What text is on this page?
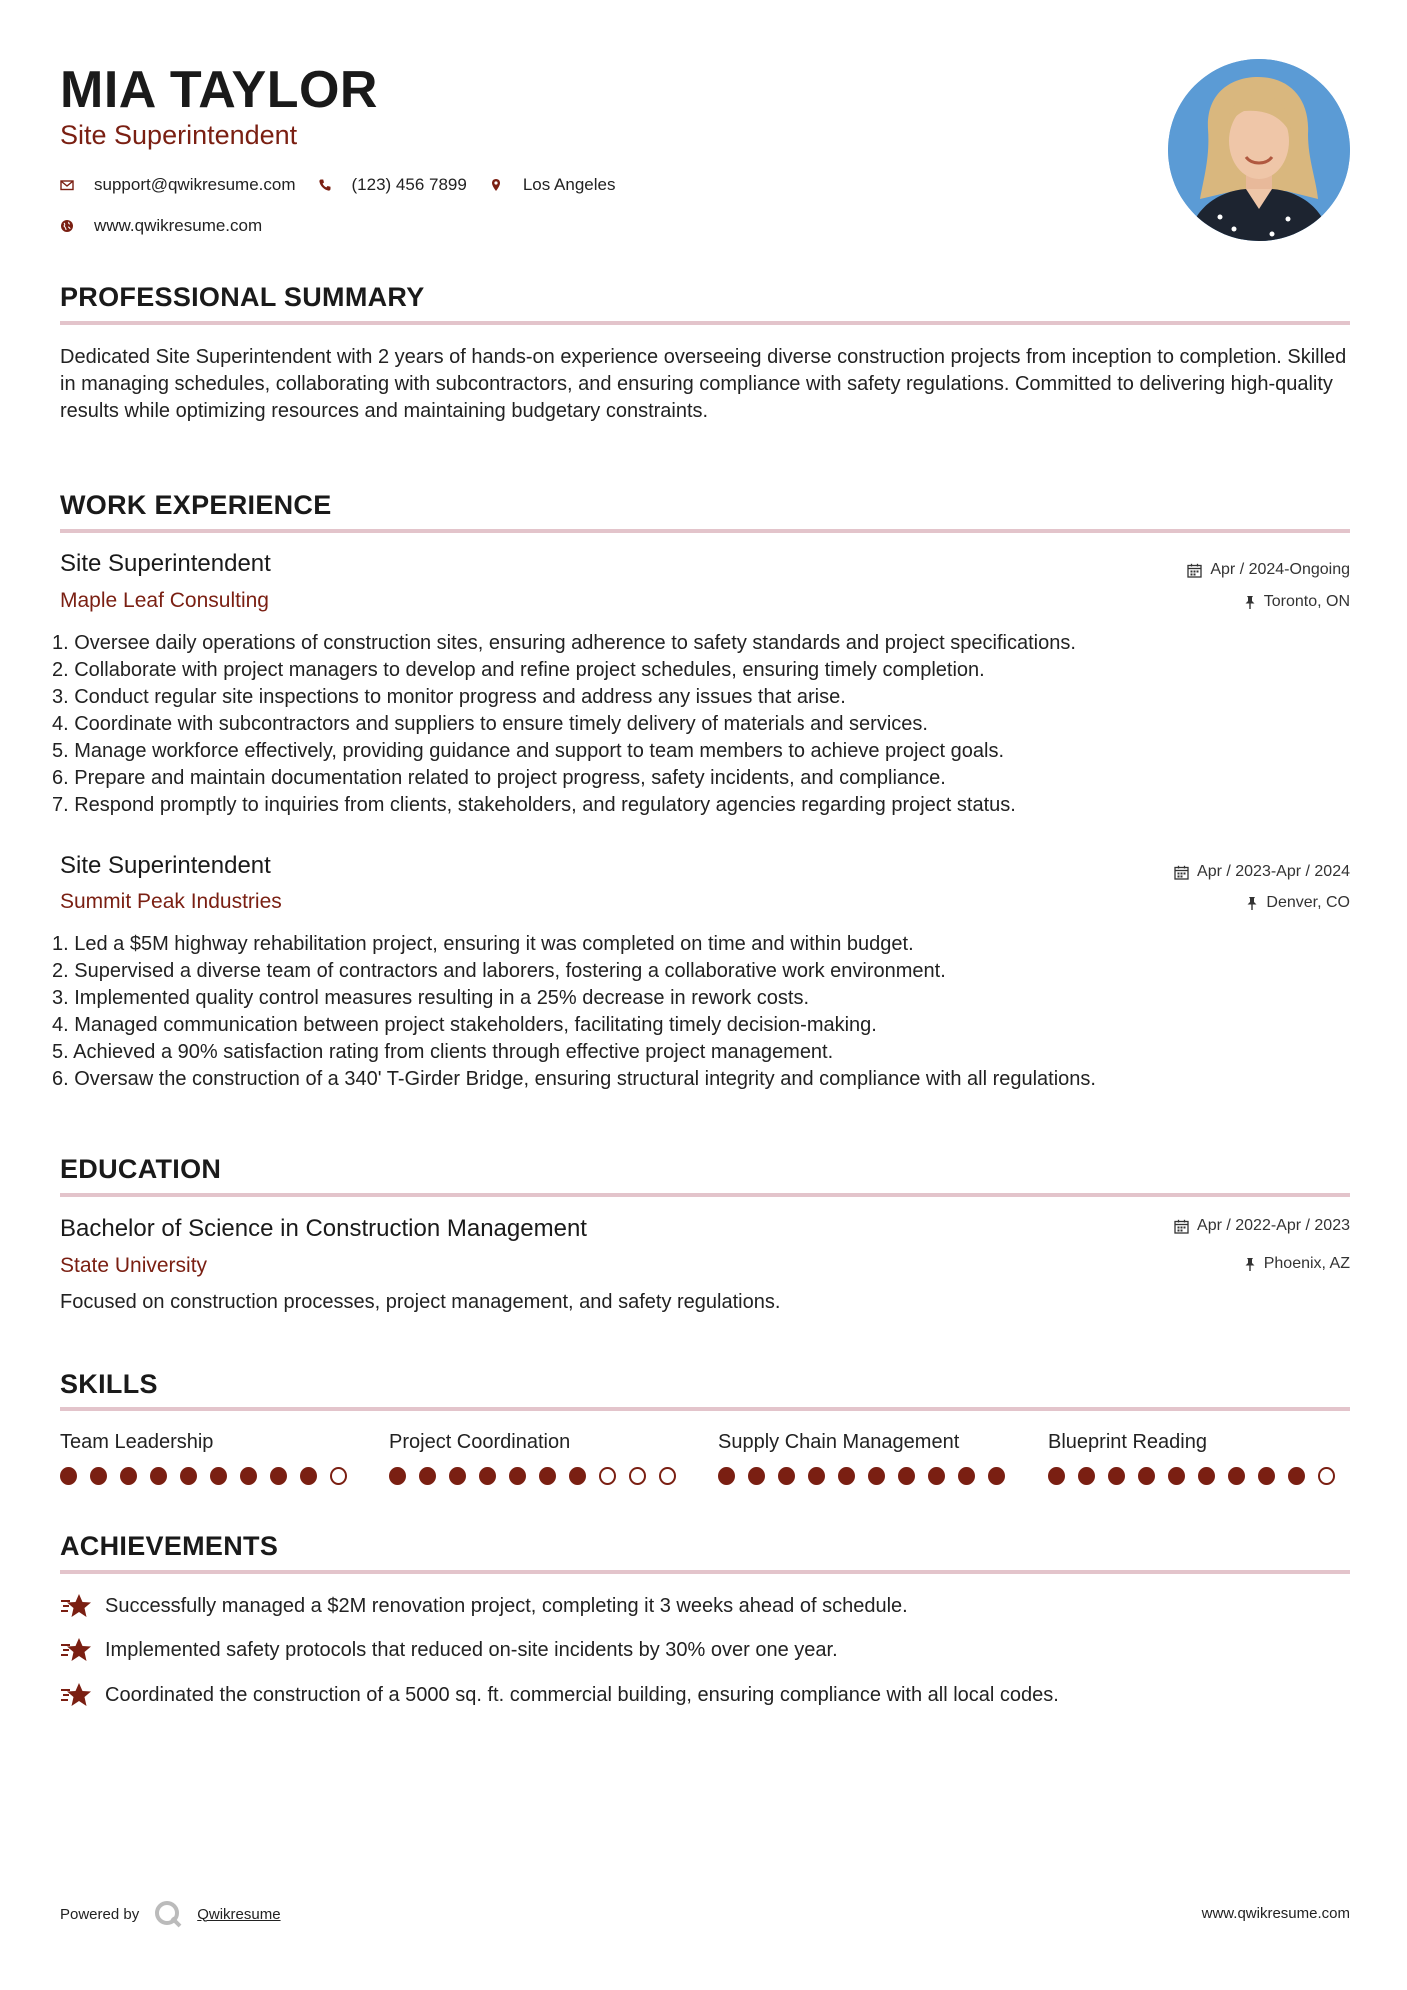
MIA TAYLOR
Site Superintendent
support@qwikresume.com	(123) 456 7899	Los Angeles
www.qwikresume.com
PROFESSIONAL SUMMARY
Dedicated Site Superintendent with 2 years of hands-on experience overseeing diverse construction projects from inception to completion. Skilled in managing schedules, collaborating with subcontractors, and ensuring compliance with safety regulations. Committed to delivering high-quality results while optimizing resources and maintaining budgetary constraints.
WORK EXPERIENCE
Site Superintendent
Maple Leaf Consulting
Apr / 2024-Ongoing
Toronto, ON
1. Oversee daily operations of construction sites, ensuring adherence to safety standards and project specifications.
2. Collaborate with project managers to develop and refine project schedules, ensuring timely completion.
3. Conduct regular site inspections to monitor progress and address any issues that arise.
4. Coordinate with subcontractors and suppliers to ensure timely delivery of materials and services.
5. Manage workforce effectively, providing guidance and support to team members to achieve project goals.
6. Prepare and maintain documentation related to project progress, safety incidents, and compliance.
7. Respond promptly to inquiries from clients, stakeholders, and regulatory agencies regarding project status.
Site Superintendent
Summit Peak Industries
Apr / 2023-Apr / 2024
Denver, CO
1. Led a $5M highway rehabilitation project, ensuring it was completed on time and within budget.
2. Supervised a diverse team of contractors and laborers, fostering a collaborative work environment.
3. Implemented quality control measures resulting in a 25% decrease in rework costs.
4. Managed communication between project stakeholders, facilitating timely decision-making.
5. Achieved a 90% satisfaction rating from clients through effective project management.
6. Oversaw the construction of a 340' T-Girder Bridge, ensuring structural integrity and compliance with all regulations.
EDUCATION
Bachelor of Science in Construction Management
State University
Apr / 2022-Apr / 2023
Phoenix, AZ
Focused on construction processes, project management, and safety regulations.
SKILLS
Team Leadership	Project Coordination	Supply Chain Management	Blueprint Reading
ACHIEVEMENTS
Successfully managed a $2M renovation project, completing it 3 weeks ahead of schedule.
Implemented safety protocols that reduced on-site incidents by 30% over one year.
Coordinated the construction of a 5000 sq. ft. commercial building, ensuring compliance with all local codes.
Powered by	Qwikresume	www.qwikresume.com
